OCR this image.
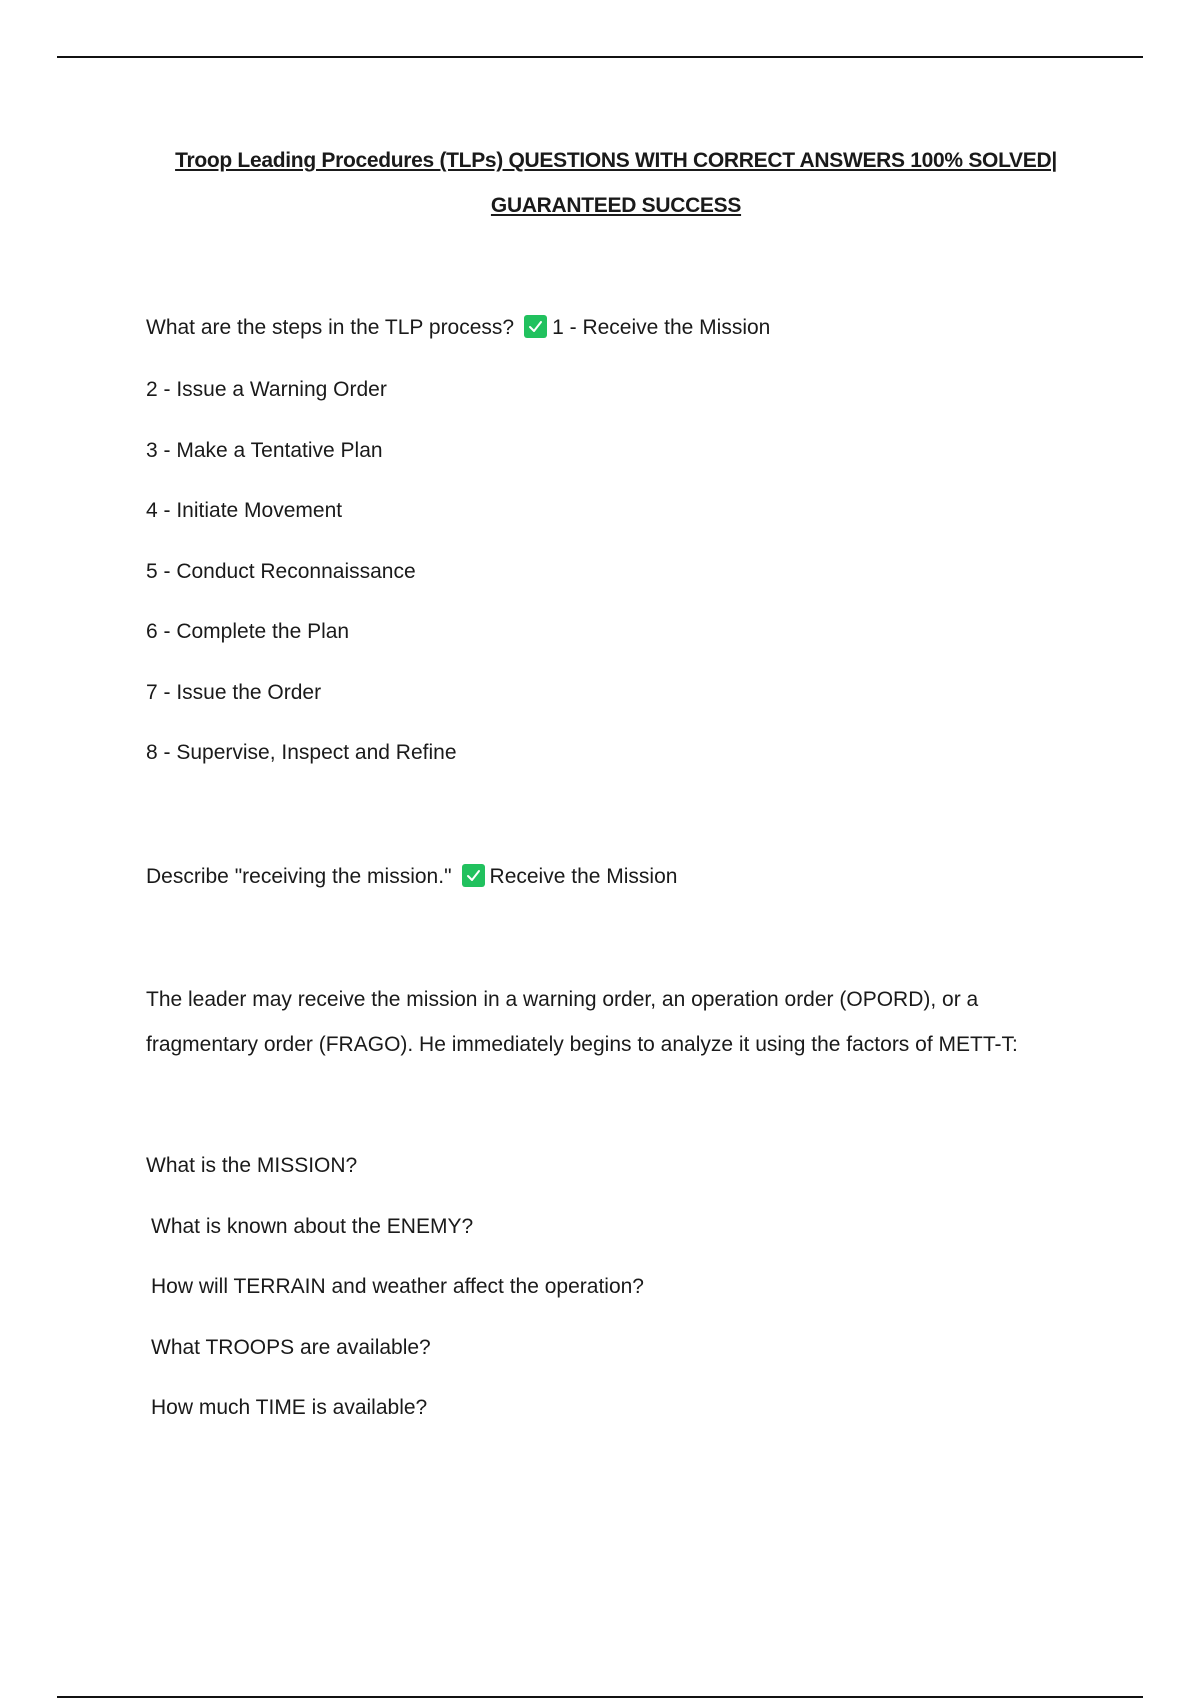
Troop Leading Procedures (TLPs) QUESTIONS WITH CORRECT ANSWERS 100% SOLVED|

GUARANTEED SUCCESS

What are the steps in the TLP process? 1 - Receive the Mission

2 - Issue a Warning Order

3 - Make a Tentative Plan

4 - Initiate Movement

5 - Conduct Reconnaissance

6 - Complete the Plan

7 - Issue the Order

8 - Supervise, Inspect and Refine

Describe "receiving the mission." Receive the Mission

The leader may receive the mission in a warning order, an operation order (OPORD), or a

fragmentary order (FRAGO). He immediately begins to analyze it using the factors of METT-T:

What is the MISSION?

What is known about the ENEMY?

How will TERRAIN and weather affect the operation?

What TROOPS are available?

How much TIME is available?
